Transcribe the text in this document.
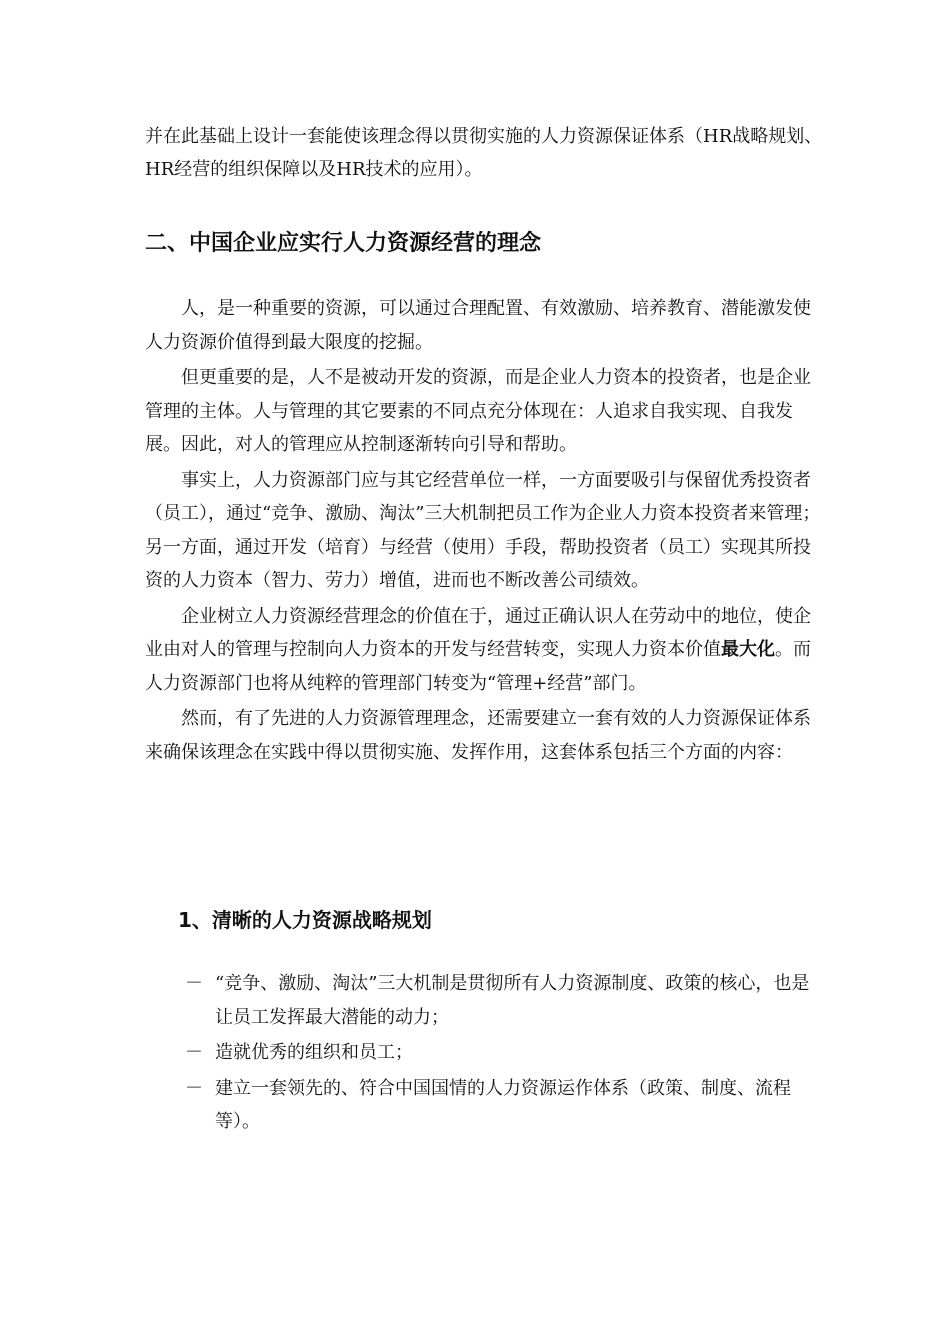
并在此基础上设计一套能使该理念得以贯彻实施的人力资源保证体系（HR战略规划、HR经营的组织保障以及HR技术的应用）。

二、中国企业应实行人力资源经营的理念

人，是一种重要的资源，可以通过合理配置、有效激励、培养教育、潜能激发使人力资源价值得到最大限度的挖掘。

但更重要的是，人不是被动开发的资源，而是企业人力资本的投资者，也是企业管理的主体。人与管理的其它要素的不同点充分体现在：人追求自我实现、自我发展。因此，对人的管理应从控制逐渐转向引导和帮助。

事实上，人力资源部门应与其它经营单位一样，一方面要吸引与保留优秀投资者（员工），通过“竞争、激励、淘汰”三大机制把员工作为企业人力资本投资者来管理；另一方面，通过开发（培育）与经营（使用）手段，帮助投资者（员工）实现其所投资的人力资本（智力、劳力）增值，进而也不断改善公司绩效。

企业树立人力资源经营理念的价值在于，通过正确认识人在劳动中的地位，使企业由对人的管理与控制向人力资本的开发与经营转变，实现人力资本价值最大化。而人力资源部门也将从纯粹的管理部门转变为“管理+经营”部门。

然而，有了先进的人力资源管理理念，还需要建立一套有效的人力资源保证体系来确保该理念在实践中得以贯彻实施、发挥作用，这套体系包括三个方面的内容：

1、清晰的人力资源战略规划
－ “竞争、激励、淘汰”三大机制是贯彻所有人力资源制度、政策的核心，也是让员工发挥最大潜能的动力；
－ 造就优秀的组织和员工；
－ 建立一套领先的、符合中国国情的人力资源运作体系（政策、制度、流程等）。
